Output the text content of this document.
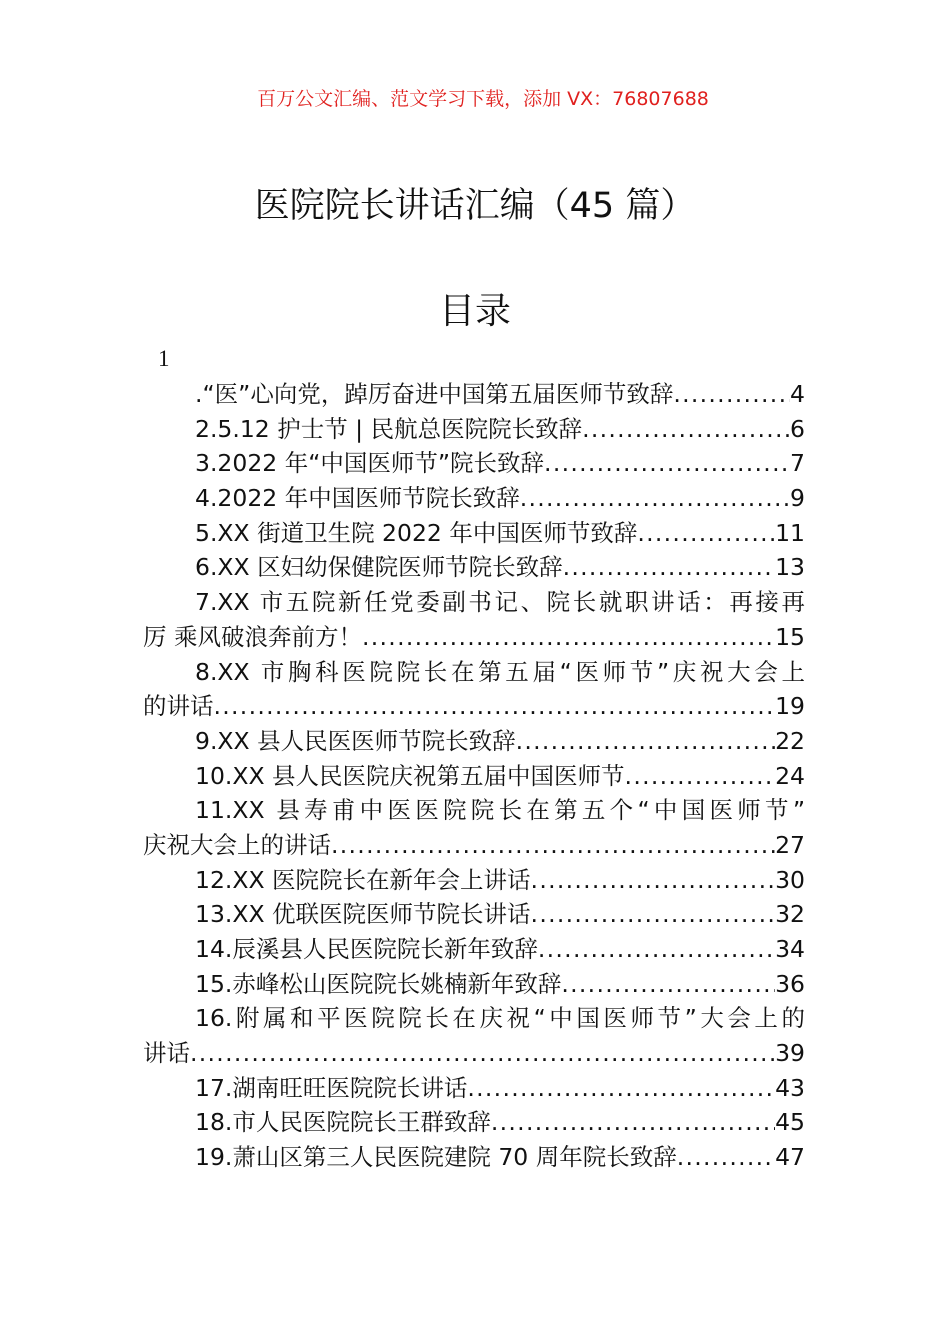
百万公文汇编、范文学习下载，添加 VX：76807688
医院院长讲话汇编（45 篇）
目录
1
.“医”心向党，踔厉奋进中国第五届医师节致辞 .....	4
2.5.12 护士节 | 民航总医院院长致辞 .....	6
3.2022 年“中国医师节”院长致辞 .....	7
4.2022 年中国医师节院长致辞 .....	9
5.XX 街道卫生院 2022 年中国医师节致辞 .....	11
6.XX 区妇幼保健院医师节院长致辞 .....	13
7.XX 市五院新任党委副书记、院长就职讲话：再接再
厉 乘风破浪奔前方！ .....	15
8.XX 市胸科医院院长在第五届“医师节”庆祝大会上
的讲话 .....	19
9.XX 县人民医医师节院长致辞 .....	22
10.XX 县人民医院庆祝第五届中国医师节 .....	24
11.XX 县寿甫中医医院院长在第五个“中国医师节”
庆祝大会上的讲话 .....	27
12.XX 医院院长在新年会上讲话 .....	30
13.XX 优联医院医师节院长讲话 .....	32
14.辰溪县人民医院院长新年致辞 .....	34
15.赤峰松山医院院长姚楠新年致辞 .....	36
16.附属和平医院院长在庆祝“中国医师节”大会上的
讲话 .....	39
17.湖南旺旺医院院长讲话 .....	43
18.市人民医院院长王群致辞 .....	45
19.萧山区第三人民医院建院 70 周年院长致辞 .....	47
